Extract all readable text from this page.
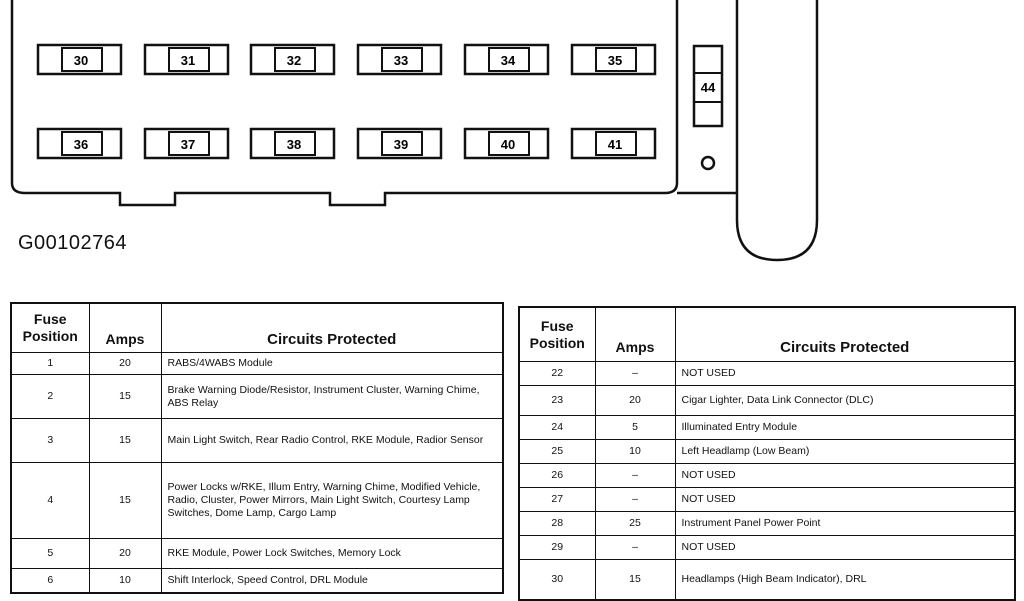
44
30	31	32	33	34	35
36	37	38	39	40	41
G00102764
Fuse
Position	Amps	Circuits Protected
1	20	RABS/4WABS Module
2	15	Brake Warning Diode/Resistor, Instrument Cluster, Warning Chime, ABS Relay
3	15	Main Light Switch, Rear Radio Control, RKE Module, Radior Sensor
4	15	Power Locks w/RKE, Illum Entry, Warning Chime, Modified Vehicle, Radio, Cluster, Power Mirrors, Main Light Switch, Courtesy Lamp Switches, Dome Lamp, Cargo Lamp
5	20	RKE Module, Power Lock Switches, Memory Lock
6	10	Shift Interlock, Speed Control, DRL Module
Fuse
Position	Amps	Circuits Protected
22	–	NOT USED
23	20	Cigar Lighter, Data Link Connector (DLC)
24	5	Illuminated Entry Module
25	10	Left Headlamp (Low Beam)
26	–	NOT USED
27	–	NOT USED
28	25	Instrument Panel Power Point
29	–	NOT USED
30	15	Headlamps (High Beam Indicator), DRL
